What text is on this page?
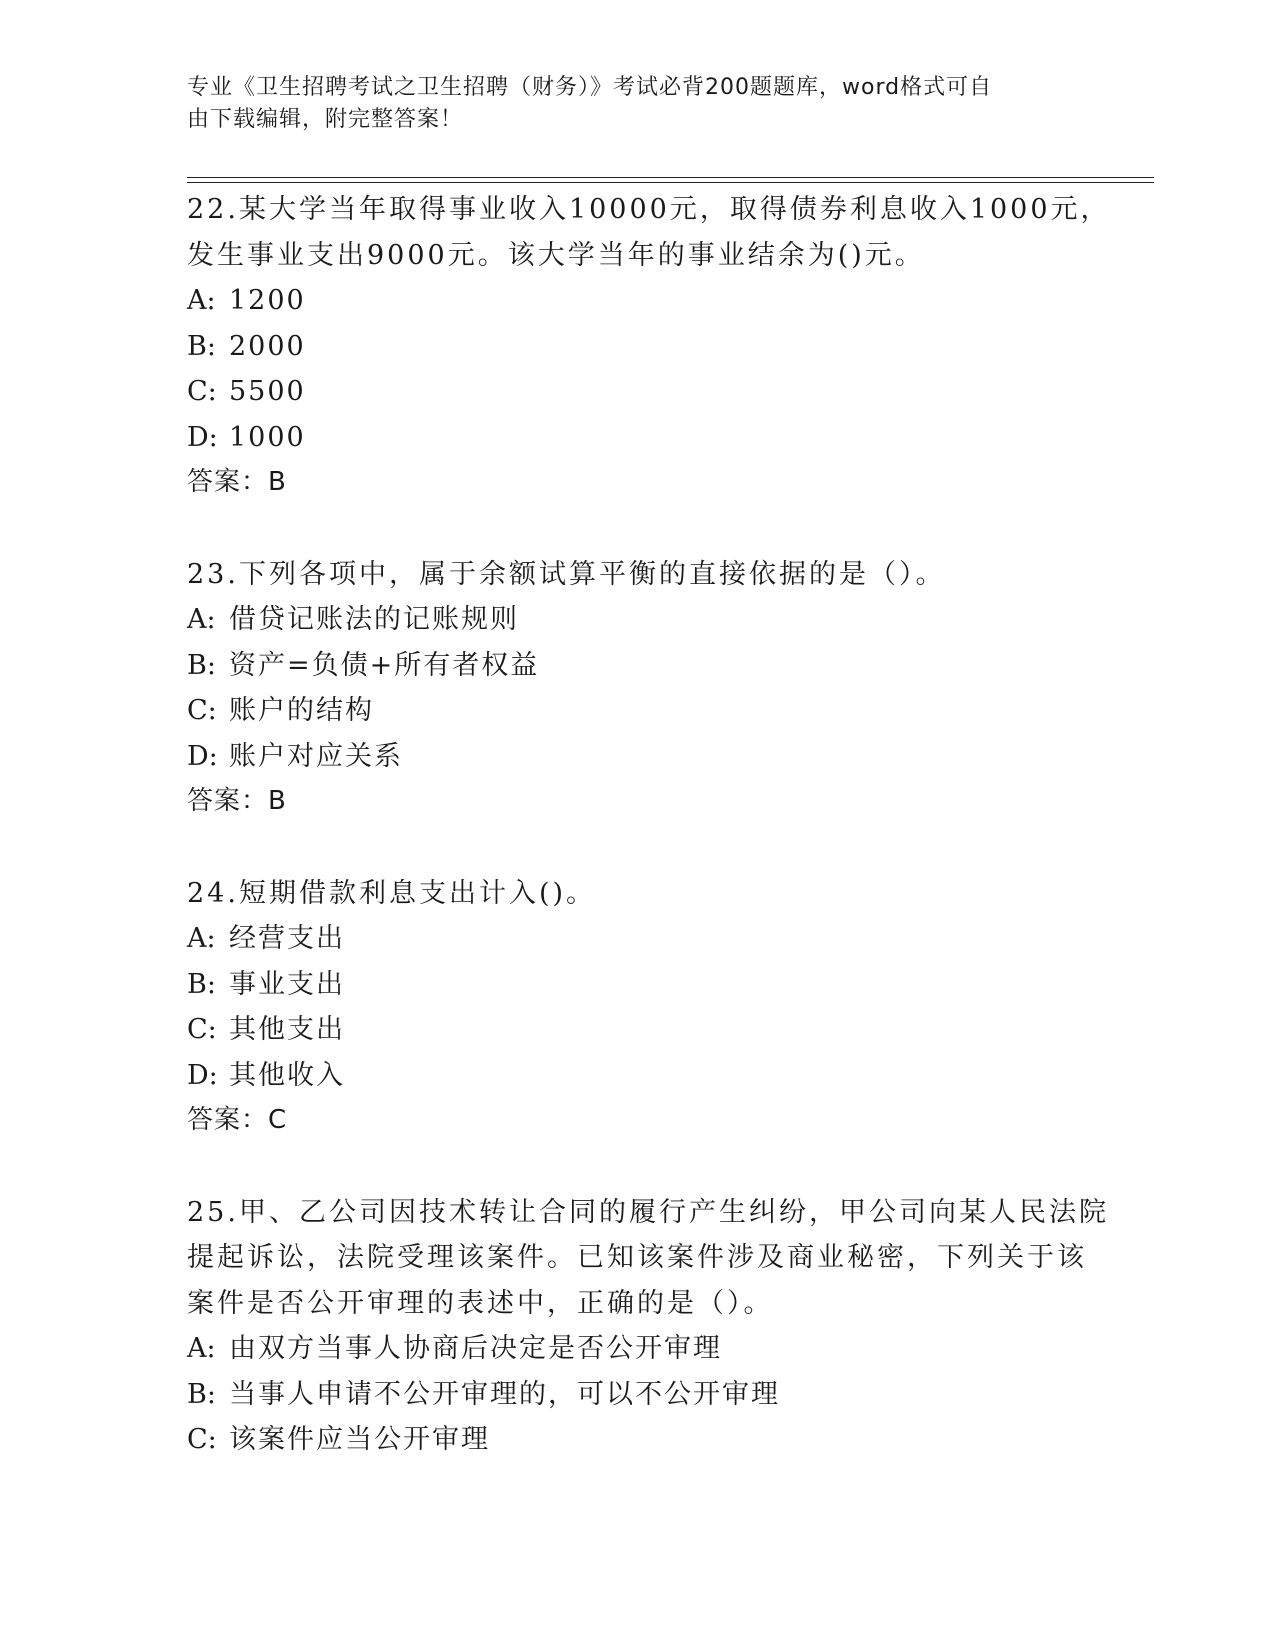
专业《卫生招聘考试之卫生招聘（财务）》考试必背200题题库，word格式可自
由下载编辑，附完整答案！
22.某大学当年取得事业收入10000元，取得债券利息收入1000元，
发生事业支出9000元。该大学当年的事业结余为()元。
A: 1200
B: 2000
C: 5500
D: 1000
答案：B
23.下列各项中，属于余额试算平衡的直接依据的是（）。
A: 借贷记账法的记账规则
B: 资产=负债+所有者权益
C: 账户的结构
D: 账户对应关系
答案：B
24.短期借款利息支出计入()。
A: 经营支出
B: 事业支出
C: 其他支出
D: 其他收入
答案：C
25.甲、乙公司因技术转让合同的履行产生纠纷，甲公司向某人民法院
提起诉讼，法院受理该案件。已知该案件涉及商业秘密，下列关于该
案件是否公开审理的表述中，正确的是（）。
A: 由双方当事人协商后决定是否公开审理
B: 当事人申请不公开审理的，可以不公开审理
C: 该案件应当公开审理
